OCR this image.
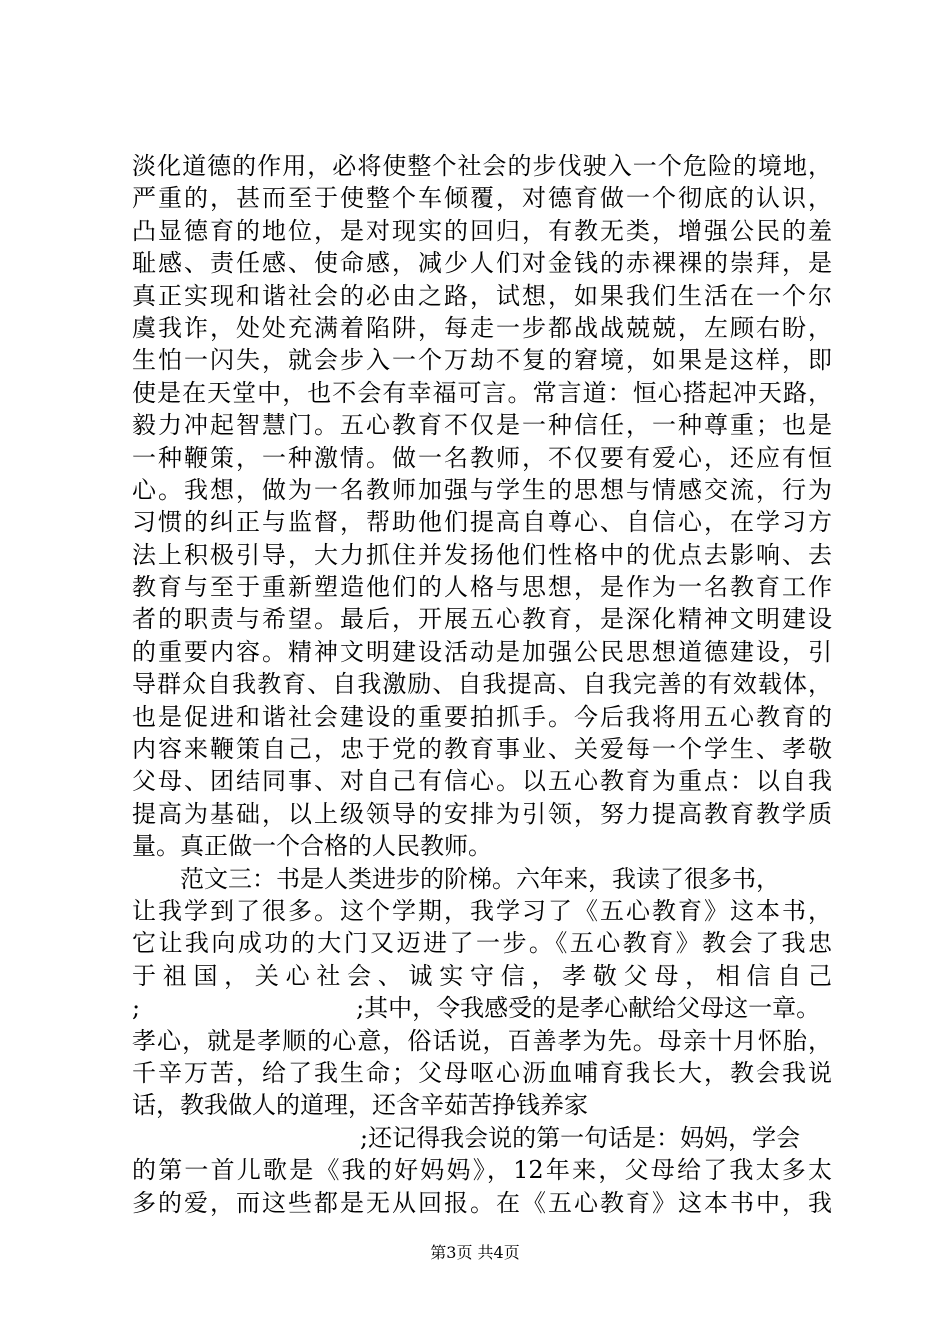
淡化道德的作用，必将使整个社会的步伐驶入一个危险的境地，
严重的，甚而至于使整个车倾覆，对德育做一个彻底的认识，
凸显德育的地位，是对现实的回归，有教无类，增强公民的羞
耻感、责任感、使命感，减少人们对金钱的赤裸裸的崇拜，是
真正实现和谐社会的必由之路，试想，如果我们生活在一个尔
虞我诈，处处充满着陷阱，每走一步都战战兢兢，左顾右盼，
生怕一闪失，就会步入一个万劫不复的窘境，如果是这样，即
使是在天堂中，也不会有幸福可言。常言道：恒心搭起冲天路，
毅力冲起智慧门。五心教育不仅是一种信任，一种尊重；也是
一种鞭策，一种激情。做一名教师，不仅要有爱心，还应有恒
心。我想，做为一名教师加强与学生的思想与情感交流，行为
习惯的纠正与监督，帮助他们提高自尊心、自信心，在学习方
法上积极引导，大力抓住并发扬他们性格中的优点去影响、去
教育与至于重新塑造他们的人格与思想，是作为一名教育工作
者的职责与希望。最后，开展五心教育，是深化精神文明建设
的重要内容。精神文明建设活动是加强公民思想道德建设，引
导群众自我教育、自我激励、自我提高、自我完善的有效载体，
也是促进和谐社会建设的重要拍抓手。今后我将用五心教育的
内容来鞭策自己，忠于党的教育事业、关爱每一个学生、孝敬
父母、团结同事、对自己有信心。以五心教育为重点：以自我
提高为基础，以上级领导的安排为引领，努力提高教育教学质
量。真正做一个合格的人民教师。
范文三：书是人类进步的阶梯。六年来，我读了很多书，
让我学到了很多。这个学期，我学习了《五心教育》这本书，
它让我向成功的大门又迈进了一步。《五心教育》教会了我忠
于祖国，关心社会、诚实守信，孝敬父母，相信自己
;　　　　　　　　　;其中，令我感受的是孝心献给父母这一章。
孝心，就是孝顺的心意，俗话说，百善孝为先。母亲十月怀胎，
千辛万苦，给了我生命；父母呕心沥血哺育我长大，教会我说
话，教我做人的道理，还含辛茹苦挣钱养家
;还记得我会说的第一句话是：妈妈，学会
的第一首儿歌是《我的好妈妈》，12年来，父母给了我太多太
多的爱，而这些都是无从回报。在《五心教育》这本书中，我
第3页 共4页
